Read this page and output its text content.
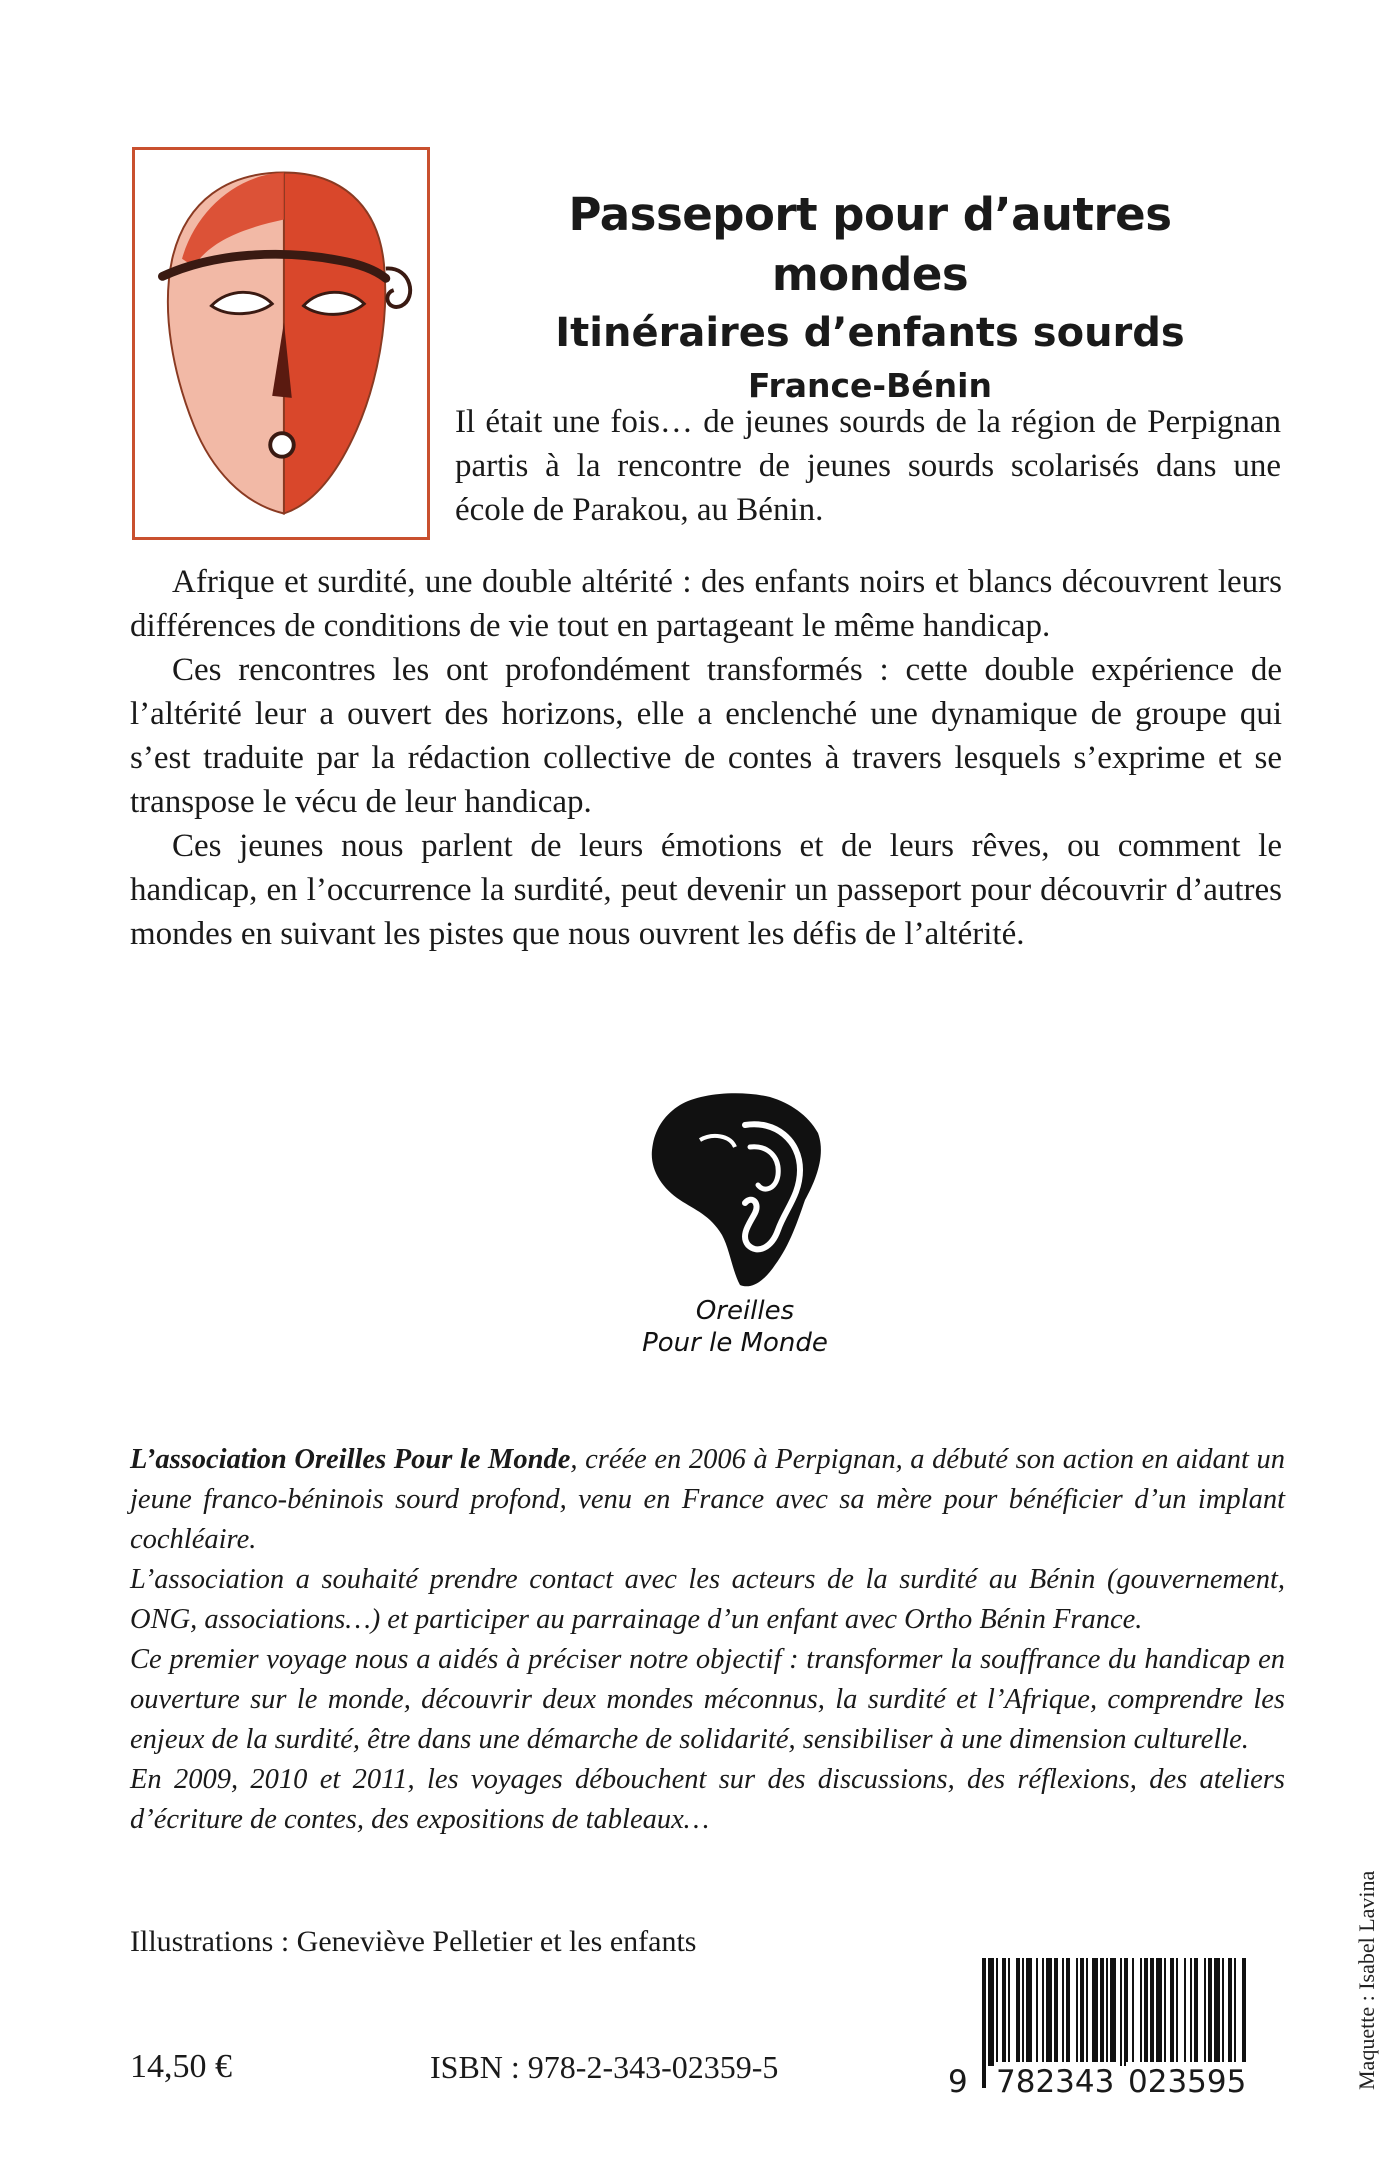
Passeport pour d’autres mondes
Itinéraires d’enfants sourds
France-Bénin

Il était une fois… de jeunes sourds de la région de Perpignan partis à la rencontre de jeunes sourds scolarisés dans une école de Parakou, au Bénin.

Afrique et surdité, une double altérité : des enfants noirs et blancs découvrent leurs différences de conditions de vie tout en partageant le même handicap.

Ces rencontres les ont profondément transformés : cette double expérience de l’altérité leur a ouvert des horizons, elle a enclenché une dynamique de groupe qui s’est traduite par la rédaction collective de contes à travers lesquels s’exprime et se transpose le vécu de leur handicap.

Ces jeunes nous parlent de leurs émotions et de leurs rêves, ou comment le handicap, en l’occurrence la surdité, peut devenir un passeport pour découvrir d’autres mondes en suivant les pistes que nous ouvrent les défis de l’altérité.

Oreilles
Pour le Monde

L’association Oreilles Pour le Monde, créée en 2006 à Perpignan, a débuté son action en aidant un jeune franco-béninois sourd profond, venu en France avec sa mère pour bénéficier d’un implant cochléaire.

L’association a souhaité prendre contact avec les acteurs de la surdité au Bénin (gouvernement, ONG, associations…) et participer au parrainage d’un enfant avec Ortho Bénin France.

Ce premier voyage nous a aidés à préciser notre objectif : transformer la souffrance du handicap en ouverture sur le monde, découvrir deux mondes méconnus, la surdité et l’Afrique, comprendre les enjeux de la surdité, être dans une démarche de solidarité, sensibiliser à une dimension culturelle.

En 2009, 2010 et 2011, les voyages débouchent sur des discussions, des réflexions, des ateliers d’écriture de contes, des expositions de tableaux…

Illustrations : Geneviève Pelletier et les enfants
14,50 €	ISBN : 978-2-343-02359-5	9 782343 023595	Maquette : Isabel Lavina
